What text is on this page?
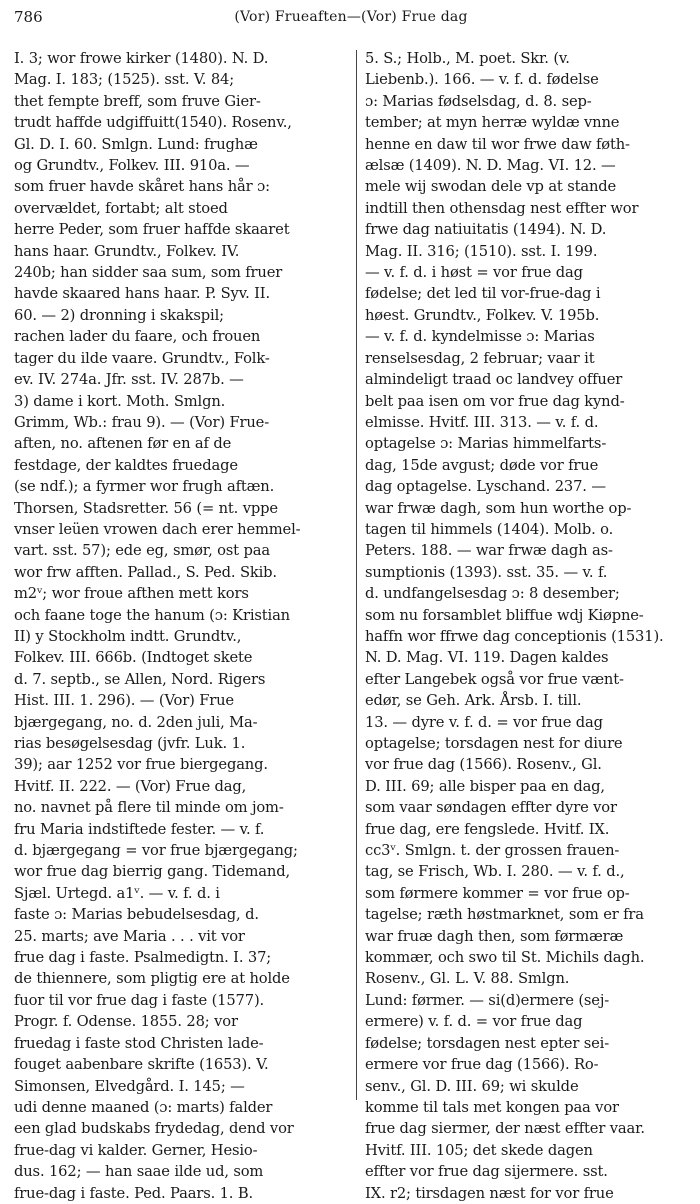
786	(Vor) Frueaften—(Vor) Frue dag
I. 3; wor frowe kirker (1480). N. D.
Mag. I. 183; (1525). sst. V. 84;
thet fempte breff, som fruve Gier-
trudt haffde udgiffuitt(1540). Rosenv.,
Gl. D. I. 60. Smlgn. Lund: frughæ
og Grundtv., Folkev. III. 910a. —
som fruer havde skåret hans hår ɔ:
overvældet, fortabt; alt stoed
herre Peder, som fruer haffde skaaret
hans haar. Grundtv., Folkev. IV.
240b; han sidder saa sum, som fruer
havde skaared hans haar. P. Syv. II.
60. — 2) dronning i skakspil;
rachen lader du faare, och frouen
tager du ilde vaare. Grundtv., Folk-
ev. IV. 274a. Jfr. sst. IV. 287b. —
3) dame i kort. Moth. Smlgn.
Grimm, Wb.: frau 9). — (Vor) Frue-
aften, no. aftenen før en af de
festdage, der kaldtes fruedage
(se ndf.); a fyrmer wor frugh aftæn.
Thorsen, Stadsretter. 56 (= nt. vppe
vnser leüen vrowen dach erer hemmel-
vart. sst. 57); ede eg, smør, ost paa
wor frw afften. Pallad., S. Ped. Skib.
m2ᵛ; wor froue afthen mett kors
och faane toge the hanum (ɔ: Kristian
II) y Stockholm indtt. Grundtv.,
Folkev. III. 666b. (Indtoget skete
d. 7. septb., se Allen, Nord. Rigers
Hist. III. 1. 296). — (Vor) Frue
bjærgegang, no. d. 2den juli, Ma-
rias besøgelsesdag (jvfr. Luk. 1.
39); aar 1252 vor frue biergegang.
Hvitf. II. 222. — (Vor) Frue dag,
no. navnet på flere til minde om jom-
fru Maria indstiftede fester. — v. f.
d. bjærgegang = vor frue bjærgegang;
wor frue dag bierrig gang. Tidemand,
Sjæl. Urtegd. a1ᵛ. — v. f. d. i
faste ɔ: Marias bebudelsesdag, d.
25. marts; ave Maria . . . vit vor
frue dag i faste. Psalmedigtn. I. 37;
de thiennere, som pligtig ere at holde
fuor til vor frue dag i faste (1577).
Progr. f. Odense. 1855. 28; vor
fruedag i faste stod Christen lade-
fouget aabenbare skrifte (1653). V.
Simonsen, Elvedgård. I. 145; —
udi denne maaned (ɔ: marts) falder
een glad budskabs frydedag, dend vor
frue-dag vi kalder. Gerner, Hesio-
dus. 162; — han saae ilde ud, som
frue-dag i faste. Ped. Paars. 1. B.
5. S.; Holb., M. poet. Skr. (v.
Liebenb.). 166. — v. f. d. fødelse
ɔ: Marias fødselsdag, d. 8. sep-
tember; at myn herræ wyldæ vnne
henne en daw til wor frwe daw føth-
ælsæ (1409). N. D. Mag. VI. 12. —
mele wij swodan dele vp at stande
indtill then othensdag nest effter wor
frwe dag natiuitatis (1494). N. D.
Mag. II. 316; (1510). sst. I. 199.
— v. f. d. i høst = vor frue dag
fødelse; det led til vor-frue-dag i
høest. Grundtv., Folkev. V. 195b.
— v. f. d. kyndelmisse ɔ: Marias
renselsesdag, 2 februar; vaar it
almindeligt traad oc landvey offuer
belt paa isen om vor frue dag kynd-
elmisse. Hvitf. III. 313. — v. f. d.
optagelse ɔ: Marias himmelfarts-
dag, 15de avgust; døde vor frue
dag optagelse. Lyschand. 237. —
war frwæ dagh, som hun worthe op-
tagen til himmels (1404). Molb. o.
Peters. 188. — war frwæ dagh as-
sumptionis (1393). sst. 35. — v. f.
d. undfangelsesdag ɔ: 8 desember;
som nu forsamblet bliffue wdj Kiøpne-
haffn wor ffrwe dag conceptionis (1531).
N. D. Mag. VI. 119. Dagen kaldes
efter Langebek også vor frue vænt-
edør, se Geh. Ark. Årsb. I. till.
13. — dyre v. f. d. = vor frue dag
optagelse; torsdagen nest for diure
vor frue dag (1566). Rosenv., Gl.
D. III. 69; alle bisper paa en dag,
som vaar søndagen effter dyre vor
frue dag, ere fengslede. Hvitf. IX.
cc3ᵛ. Smlgn. t. der grossen frauen-
tag, se Frisch, Wb. I. 280. — v. f. d.,
som førmere kommer = vor frue op-
tagelse; ræth høstmarknet, som er fra
war fruæ dagh then, som førmæræ
kommær, och swo til St. Michils dagh.
Rosenv., Gl. L. V. 88. Smlgn.
Lund: førmer. — si(d)ermere (sej-
ermere) v. f. d. = vor frue dag
fødelse; torsdagen nest epter sei-
ermere vor frue dag (1566). Ro-
senv., Gl. D. III. 69; wi skulde
komme til tals met kongen paa vor
frue dag siermer, der næst effter vaar.
Hvitf. III. 105; det skede dagen
effter vor frue dag sijermere. sst.
IX. r2; tirsdagen næst for vor frue
